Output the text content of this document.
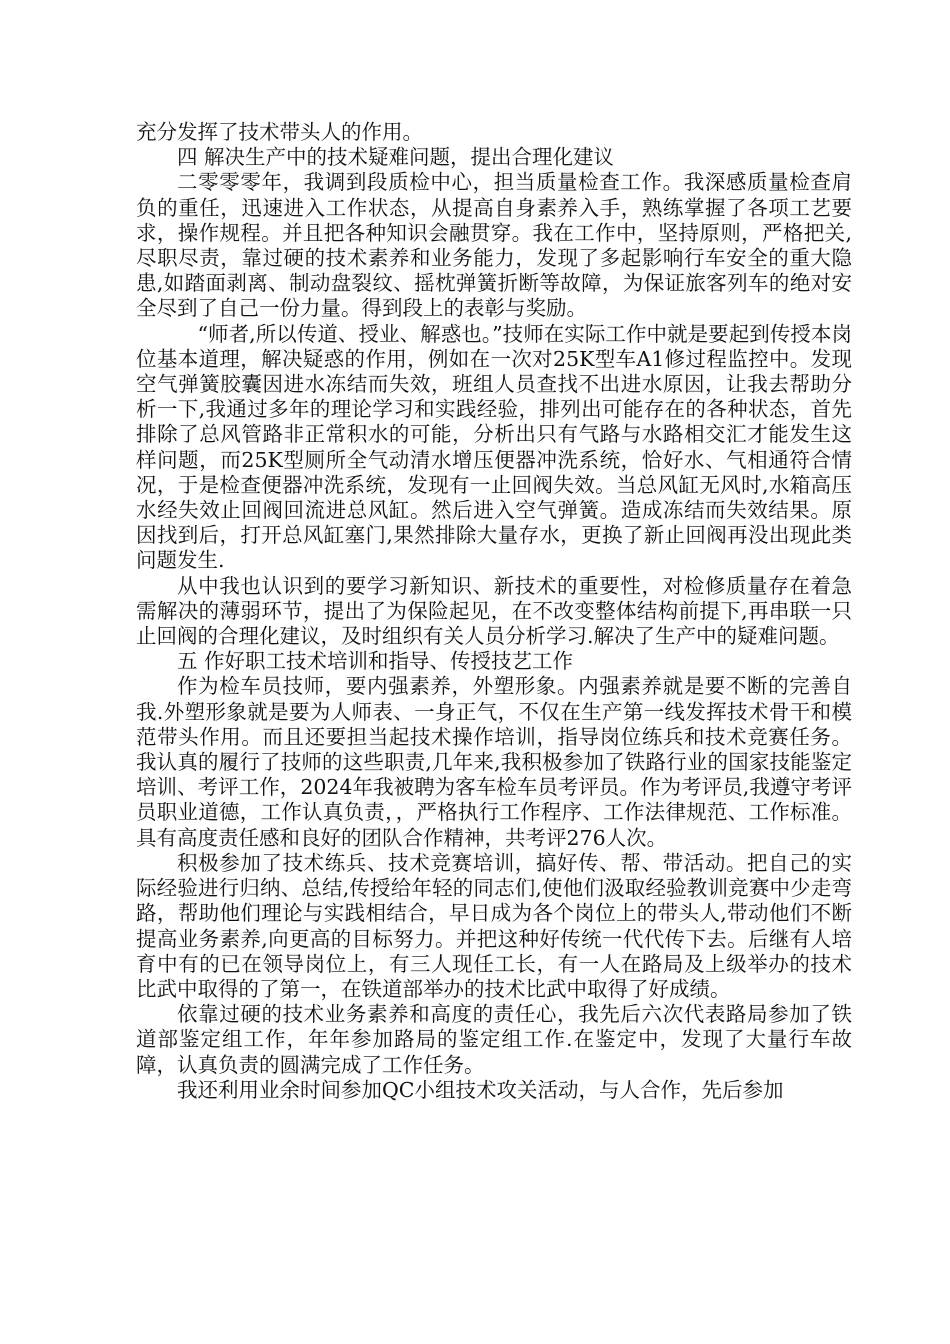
充分发挥了技术带头人的作用。

四 解决生产中的技术疑难问题，提出合理化建议

二零零零年，我调到段质检中心，担当质量检查工作。我深感质量检查肩负的重任，迅速进入工作状态，从提高自身素养入手，熟练掌握了各项工艺要求，操作规程。并且把各种知识会融贯穿。我在工作中，坚持原则，严格把关,尽职尽责，靠过硬的技术素养和业务能力，发现了多起影响行车安全的重大隐患,如踏面剥离、制动盘裂纹、摇枕弹簧折断等故障，为保证旅客列车的绝对安全尽到了自己一份力量。得到段上的表彰与奖励。

“师者,所以传道、授业、解惑也。”技师在实际工作中就是要起到传授本岗位基本道理，解决疑惑的作用，例如在一次对25K型车A1修过程监控中。发现空气弹簧胶囊因进水冻结而失效，班组人员查找不出进水原因，让我去帮助分析一下,我通过多年的理论学习和实践经验，排列出可能存在的各种状态，首先排除了总风管路非正常积水的可能，分析出只有气路与水路相交汇才能发生这样问题，而25K型厕所全气动清水增压便器冲洗系统，恰好水、气相通符合情况，于是检查便器冲洗系统，发现有一止回阀失效。当总风缸无风时,水箱高压水经失效止回阀回流进总风缸。然后进入空气弹簧。造成冻结而失效结果。原因找到后，打开总风缸塞门,果然排除大量存水，更换了新止回阀再没出现此类问题发生.

从中我也认识到的要学习新知识、新技术的重要性，对检修质量存在着急需解决的薄弱环节，提出了为保险起见，在不改变整体结构前提下,再串联一只止回阀的合理化建议，及时组织有关人员分析学习.解决了生产中的疑难问题。

五 作好职工技术培训和指导、传授技艺工作

作为检车员技师，要内强素养，外塑形象。内强素养就是要不断的完善自我.外塑形象就是要为人师表、一身正气，不仅在生产第一线发挥技术骨干和模范带头作用。而且还要担当起技术操作培训，指导岗位练兵和技术竞赛任务。我认真的履行了技师的这些职责,几年来,我积极参加了铁路行业的国家技能鉴定培训、考评工作，2024年我被聘为客车检车员考评员。作为考评员,我遵守考评员职业道德，工作认真负责，，严格执行工作程序、工作法律规范、工作标准。具有高度责任感和良好的团队合作精神，共考评276人次。

积极参加了技术练兵、技术竞赛培训，搞好传、帮、带活动。把自己的实际经验进行归纳、总结,传授给年轻的同志们,使他们汲取经验教训竞赛中少走弯路，帮助他们理论与实践相结合，早日成为各个岗位上的带头人,带动他们不断提高业务素养,向更高的目标努力。并把这种好传统一代代传下去。后继有人培育中有的已在领导岗位上，有三人现任工长，有一人在路局及上级举办的技术比武中取得的了第一，在铁道部举办的技术比武中取得了好成绩。

依靠过硬的技术业务素养和高度的责任心，我先后六次代表路局参加了铁道部鉴定组工作，年年参加路局的鉴定组工作.在鉴定中，发现了大量行车故障，认真负责的圆满完成了工作任务。

我还利用业余时间参加QC小组技术攻关活动，与人合作，先后参加
